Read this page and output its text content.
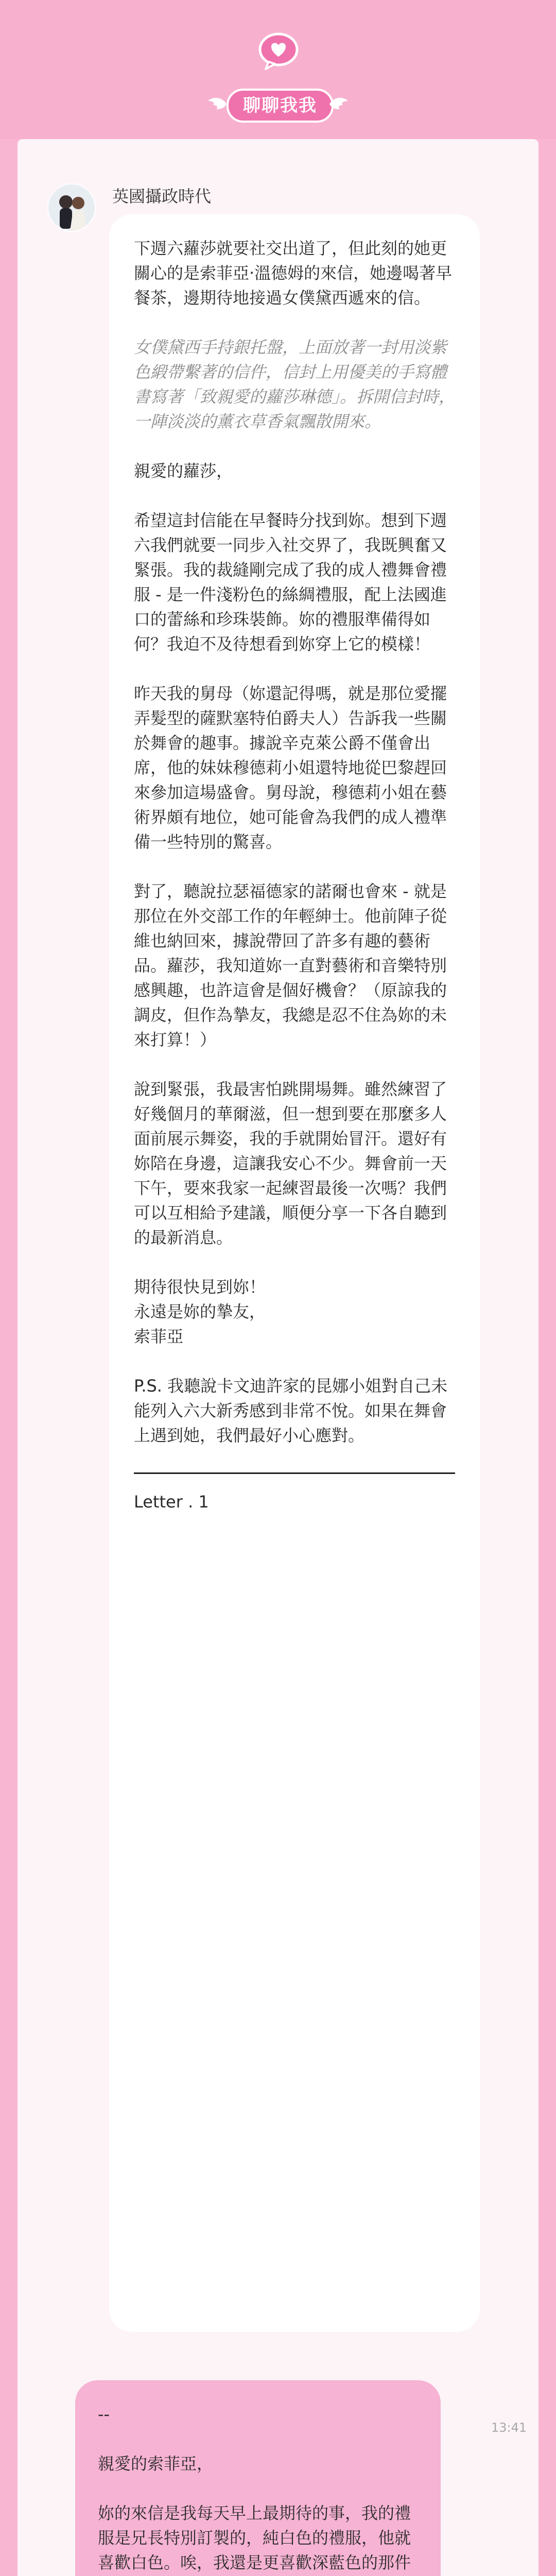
聊聊我我
英國攝政時代

下週六蘿莎就要社交出道了，但此刻的她更關心的是索菲亞‧溫德姆的來信，她邊喝著早餐茶，邊期待地接過女僕黛西遞來的信。

女僕黛西手持銀托盤，上面放著一封用淡紫色緞帶繫著的信件，信封上用優美的手寫體書寫著「致親愛的蘿莎琳德」。拆開信封時，一陣淡淡的薰衣草香氣飄散開來。

親愛的蘿莎，

希望這封信能在早餐時分找到妳。想到下週六我們就要一同步入社交界了，我既興奮又緊張。我的裁縫剛完成了我的成人禮舞會禮服 - 是一件淺粉色的絲綢禮服，配上法國進口的蕾絲和珍珠裝飾。妳的禮服準備得如何？我迫不及待想看到妳穿上它的模樣！

昨天我的舅母（妳還記得嗎，就是那位愛擺弄髮型的薩默塞特伯爵夫人）告訴我一些關於舞會的趣事。據說辛克萊公爵不僅會出席，他的妹妹穆德莉小姐還特地從巴黎趕回來參加這場盛會。舅母說，穆德莉小姐在藝術界頗有地位，她可能會為我們的成人禮準備一些特別的驚喜。

對了，聽說拉瑟福德家的諾爾也會來 - 就是那位在外交部工作的年輕紳士。他前陣子從維也納回來，據說帶回了許多有趣的藝術品。蘿莎，我知道妳一直對藝術和音樂特別感興趣，也許這會是個好機會？（原諒我的調皮，但作為摯友，我總是忍不住為妳的未來打算！）

說到緊張，我最害怕跳開場舞。雖然練習了好幾個月的華爾滋，但一想到要在那麼多人面前展示舞姿，我的手就開始冒汗。還好有妳陪在身邊，這讓我安心不少。舞會前一天下午，要來我家一起練習最後一次嗎？我們可以互相給予建議，順便分享一下各自聽到的最新消息。

期待很快見到妳！
永遠是妳的摯友，
索菲亞

P.S. 我聽說卡文迪許家的昆娜小姐對自己未能列入六大新秀感到非常不悅。如果在舞會上遇到她，我們最好小心應對。

Letter . 1
13:41

--

親愛的索菲亞，

妳的來信是我每天早上最期待的事，我的禮服是兄長特別訂製的，純白色的禮服，他就喜歡白色。唉，我還是更喜歡深藍色的那件
